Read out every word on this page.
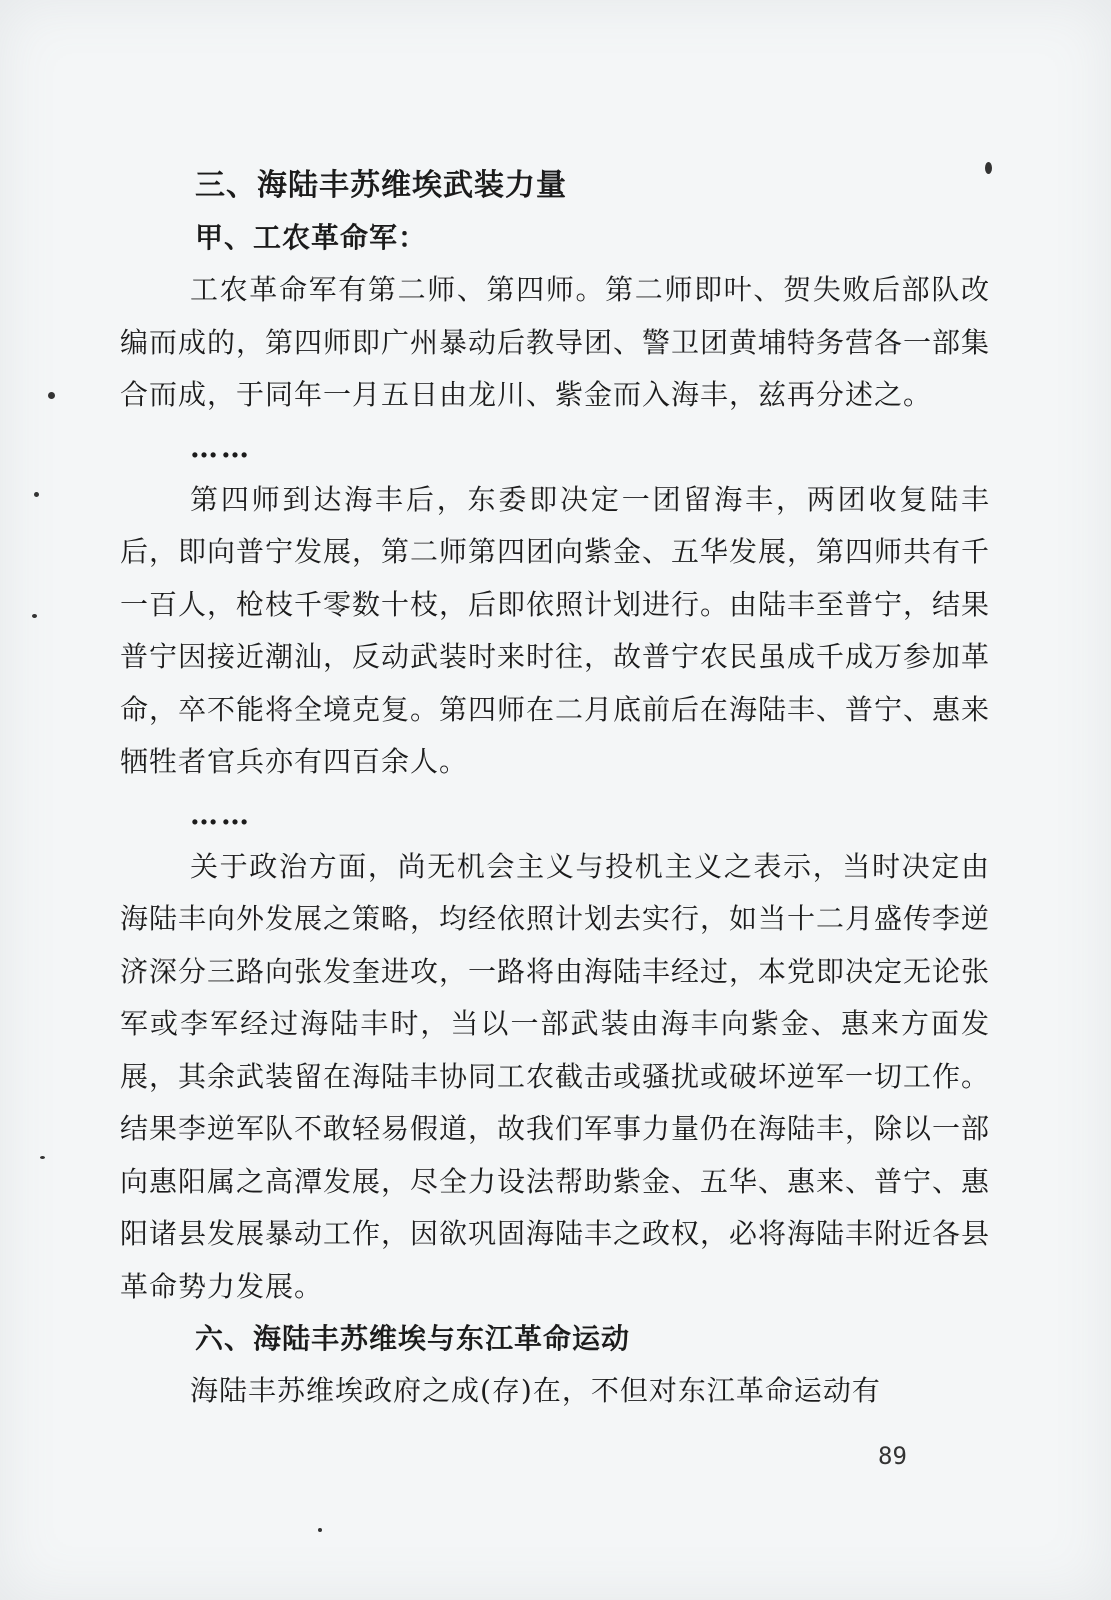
三、海陆丰苏维埃武装力量

甲、工农革命军：

工农革命军有第二师、第四师。第二师即叶、贺失败后部队改编而成的，第四师即广州暴动后教导团、警卫团黄埔特务营各一部集合而成，于同年一月五日由龙川、紫金而入海丰，兹再分述之。

……

第四师到达海丰后，东委即决定一团留海丰，两团收复陆丰后，即向普宁发展，第二师第四团向紫金、五华发展，第四师共有千一百人，枪枝千零数十枝，后即依照计划进行。由陆丰至普宁，结果普宁因接近潮汕，反动武装时来时往，故普宁农民虽成千成万参加革命，卒不能将全境克复。第四师在二月底前后在海陆丰、普宁、惠来牺牲者官兵亦有四百余人。

……

关于政治方面，尚无机会主义与投机主义之表示，当时决定由海陆丰向外发展之策略，均经依照计划去实行，如当十二月盛传李逆济深分三路向张发奎进攻，一路将由海陆丰经过，本党即决定无论张军或李军经过海陆丰时，当以一部武装由海丰向紫金、惠来方面发展，其余武装留在海陆丰协同工农截击或骚扰或破坏逆军一切工作。结果李逆军队不敢轻易假道，故我们军事力量仍在海陆丰，除以一部向惠阳属之高潭发展，尽全力设法帮助紫金、五华、惠来、普宁、惠阳诸县发展暴动工作，因欲巩固海陆丰之政权，必将海陆丰附近各县革命势力发展。

六、海陆丰苏维埃与东江革命运动

海陆丰苏维埃政府之成(存)在，不但对东江革命运动有

89
